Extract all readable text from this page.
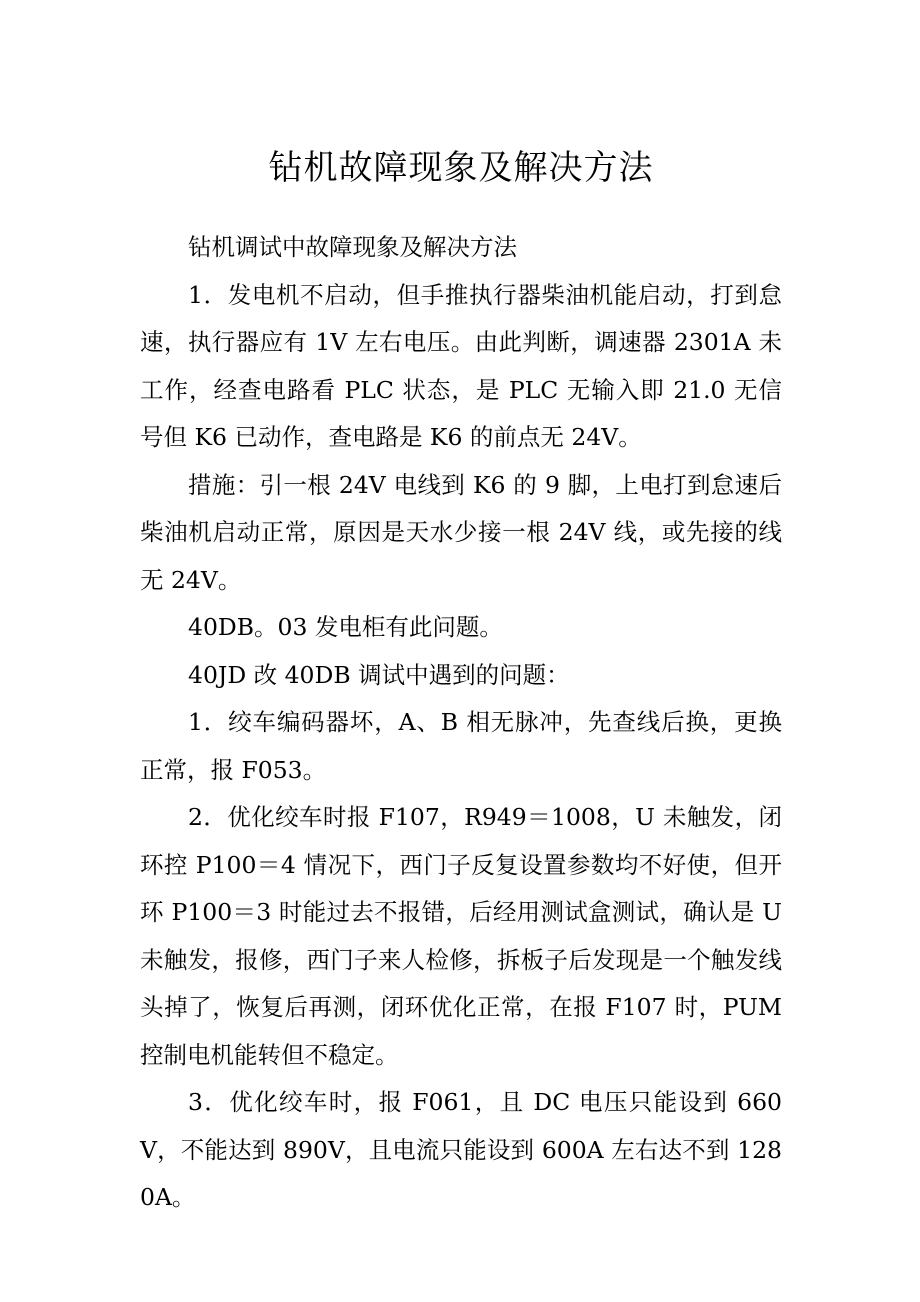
钻机故障现象及解决方法

钻机调试中故障现象及解决方法

1．发电机不启动，但手推执行器柴油机能启动，打到怠速，执行器应有 1V 左右电压。由此判断，调速器 2301A 未工作，经查电路看 PLC 状态，是 PLC 无输入即 21.0 无信号但 K6 已动作，查电路是 K6 的前点无 24V。

措施：引一根 24V 电线到 K6 的 9 脚，上电打到怠速后柴油机启动正常，原因是天水少接一根 24V 线，或先接的线无 24V。

40DB。03 发电柜有此问题。

40JD 改 40DB 调试中遇到的问题：

1．绞车编码器坏，A、B 相无脉冲，先查线后换，更换正常，报 F053。

2．优化绞车时报 F107，R949＝1008，U 未触发，闭环控 P100＝4 情况下，西门子反复设置参数均不好使，但开环 P100＝3 时能过去不报错，后经用测试盒测试，确认是 U 未触发，报修，西门子来人检修，拆板子后发现是一个触发线头掉了，恢复后再测，闭环优化正常，在报 F107 时，PUM 控制电机能转但不稳定。

3．优化绞车时，报 F061，且 DC 电压只能设到 660V，不能达到 890V，且电流只能设到 600A 左右达不到 1280A。
